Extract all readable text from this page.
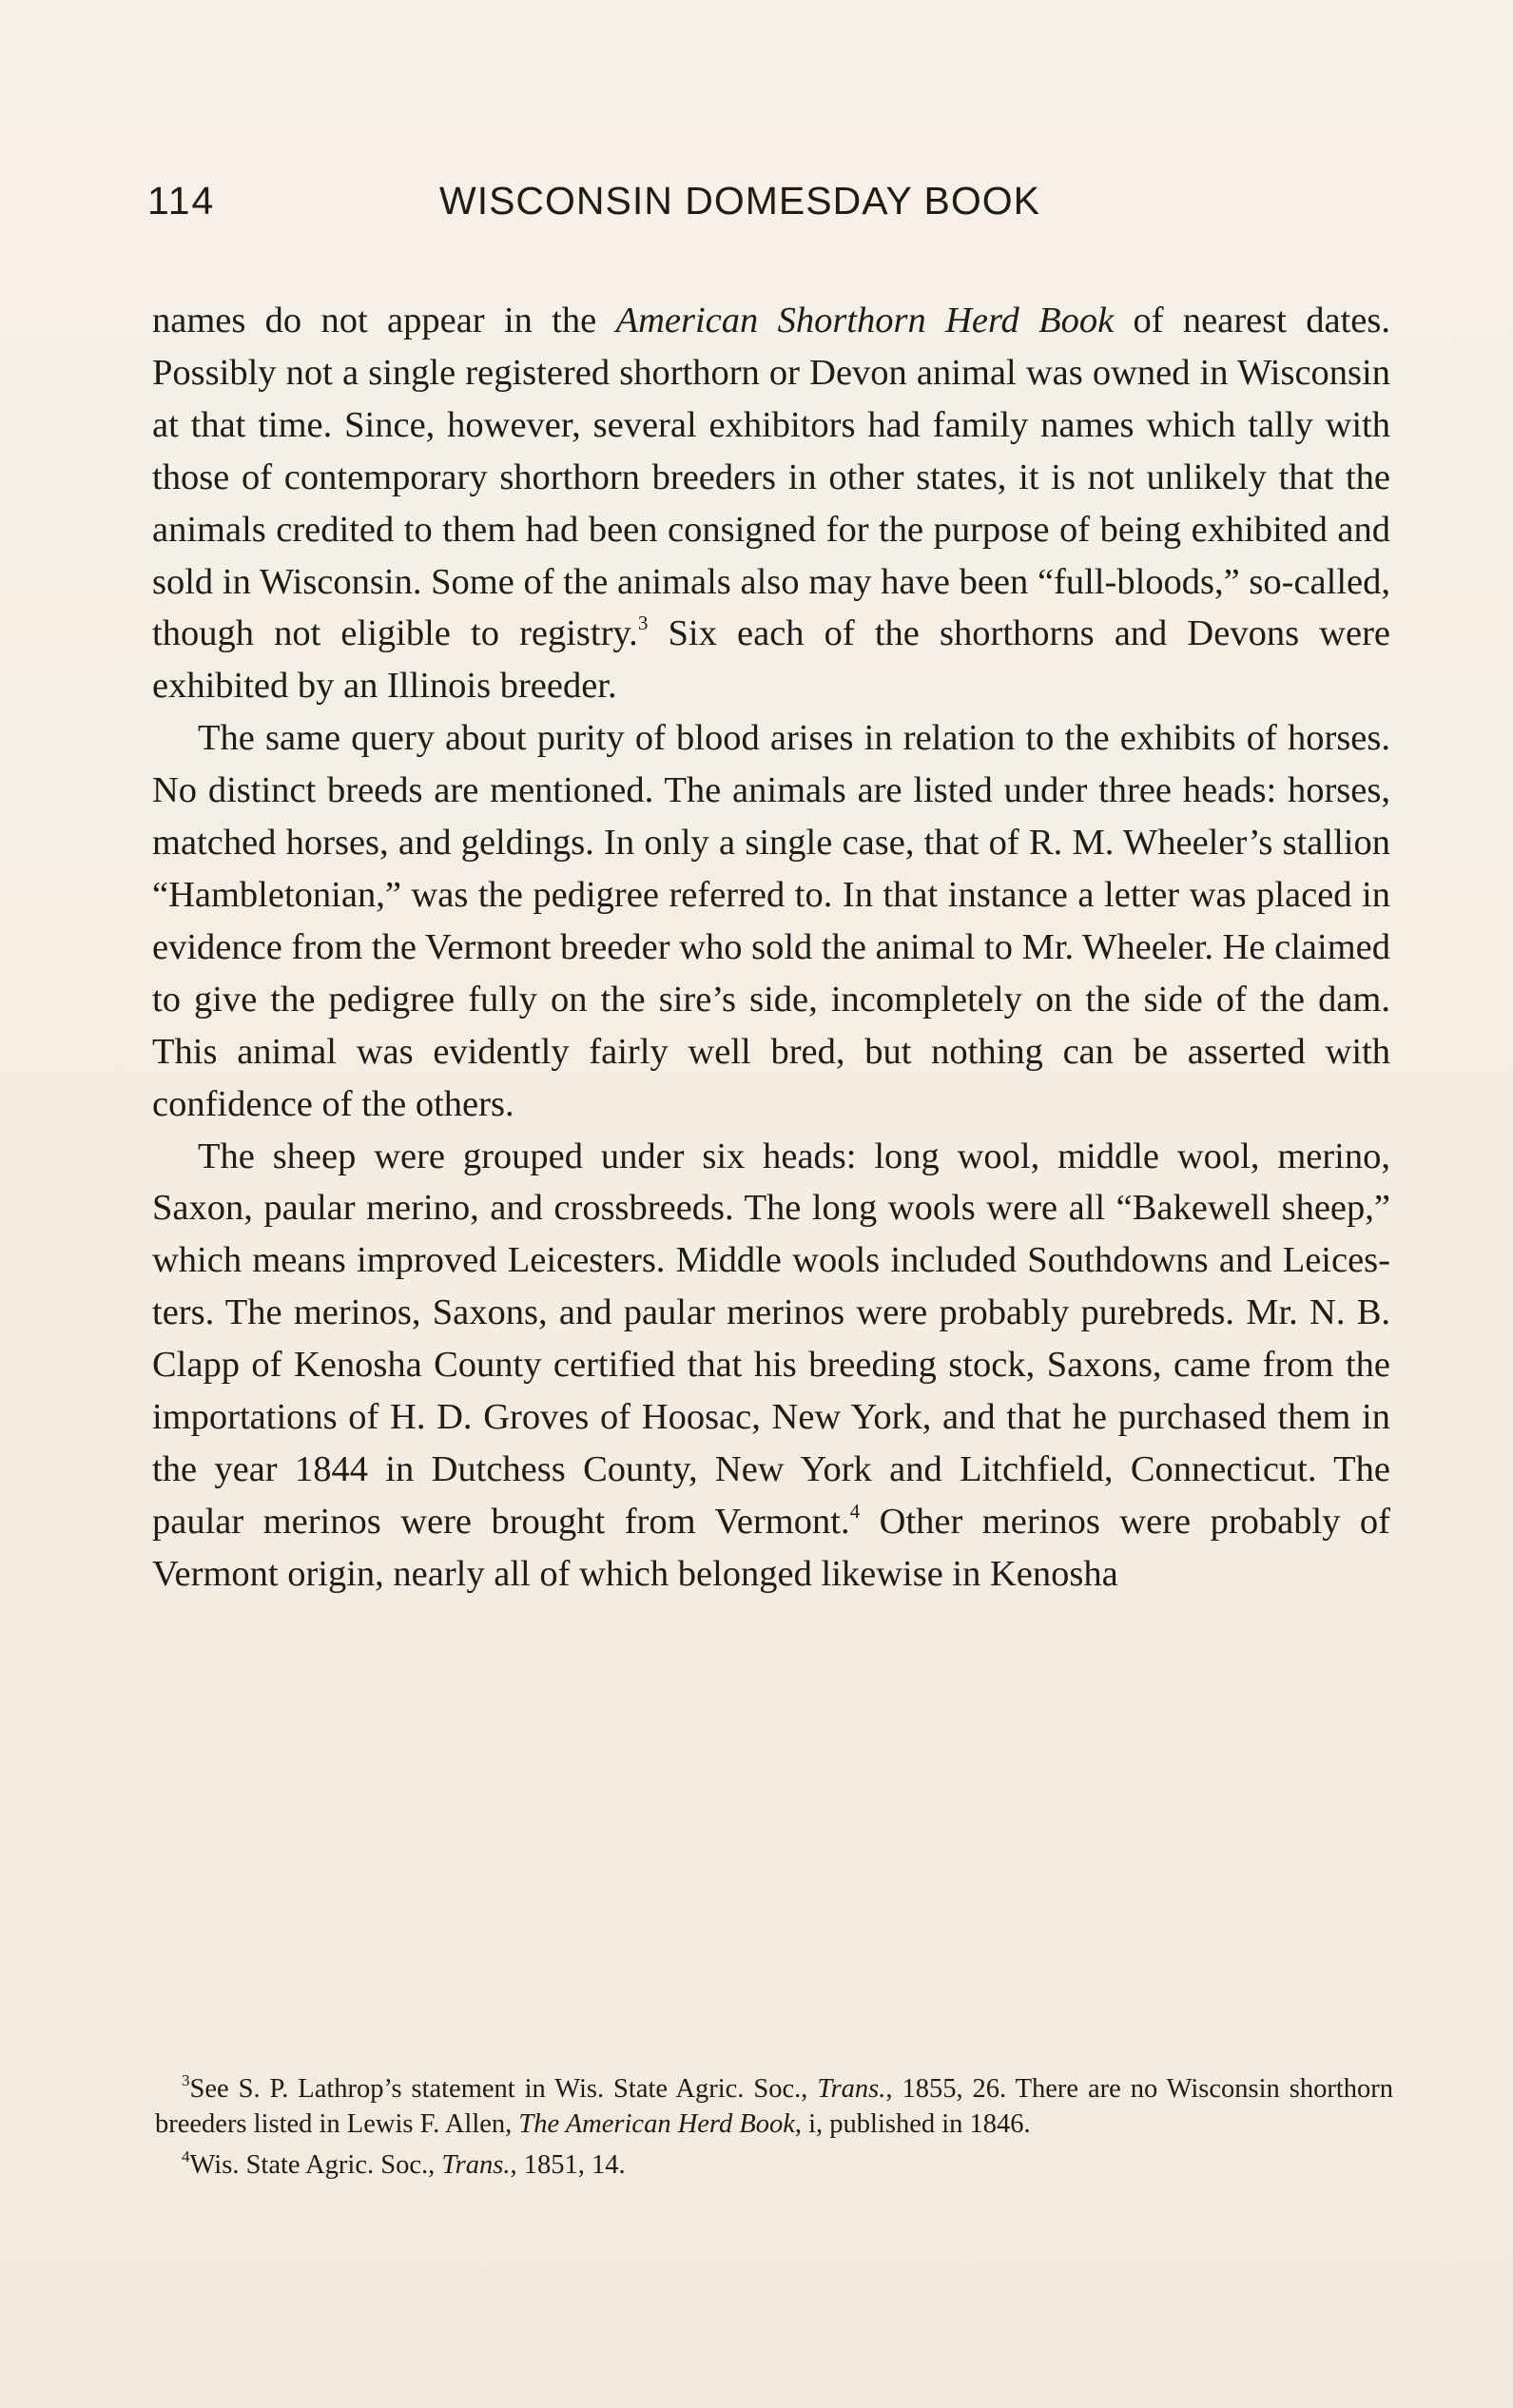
114	WISCONSIN DOMESDAY BOOK

names do not appear in the American Shorthorn Herd Book of nearest dates. Possibly not a single registered shorthorn or Devon animal was owned in Wisconsin at that time. Since, however, several exhibitors had family names which tally with those of contemporary shorthorn breeders in other states, it is not unlikely that the animals credited to them had been consigned for the purpose of being exhibited and sold in Wisconsin. Some of the animals also may have been “full-bloods,” so-called, though not eligible to registry.$^3$ Six each of the shorthorns and Devons were exhibited by an Illinois breeder.

The same query about purity of blood arises in relation to the exhibits of horses. No distinct breeds are mentioned. The animals are listed under three heads: horses, matched horses, and geldings. In only a single case, that of R. M. Wheeler’s stallion “Hambletonian,” was the pedigree referred to. In that instance a letter was placed in evidence from the Vermont breeder who sold the animal to Mr. Wheeler. He claimed to give the pedigree fully on the sire’s side, incompletely on the side of the dam. This animal was evidently fairly well bred, but nothing can be asserted with confidence of the others.

The sheep were grouped under six heads: long wool, middle wool, merino, Saxon, paular merino, and crossbreeds. The long wools were all “Bakewell sheep,” which means improved Leicesters. Middle wools included Southdowns and Leicesters. The merinos, Saxons, and paular merinos were probably purebreds. Mr. N. B. Clapp of Kenosha County certified that his breeding stock, Saxons, came from the importations of H. D. Groves of Hoosac, New York, and that he purchased them in the year 1844 in Dutchess County, New York and Litchfield, Connecticut. The paular merinos were brought from Vermont.$^4$ Other merinos were probably of Vermont origin, nearly all of which belonged likewise in Kenosha

$^3$See S. P. Lathrop’s statement in Wis. State Agric. Soc., Trans., 1855, 26. There are no Wisconsin shorthorn breeders listed in Lewis F. Allen, The American Herd Book, i, published in 1846.

$^4$Wis. State Agric. Soc., Trans., 1851, 14.
